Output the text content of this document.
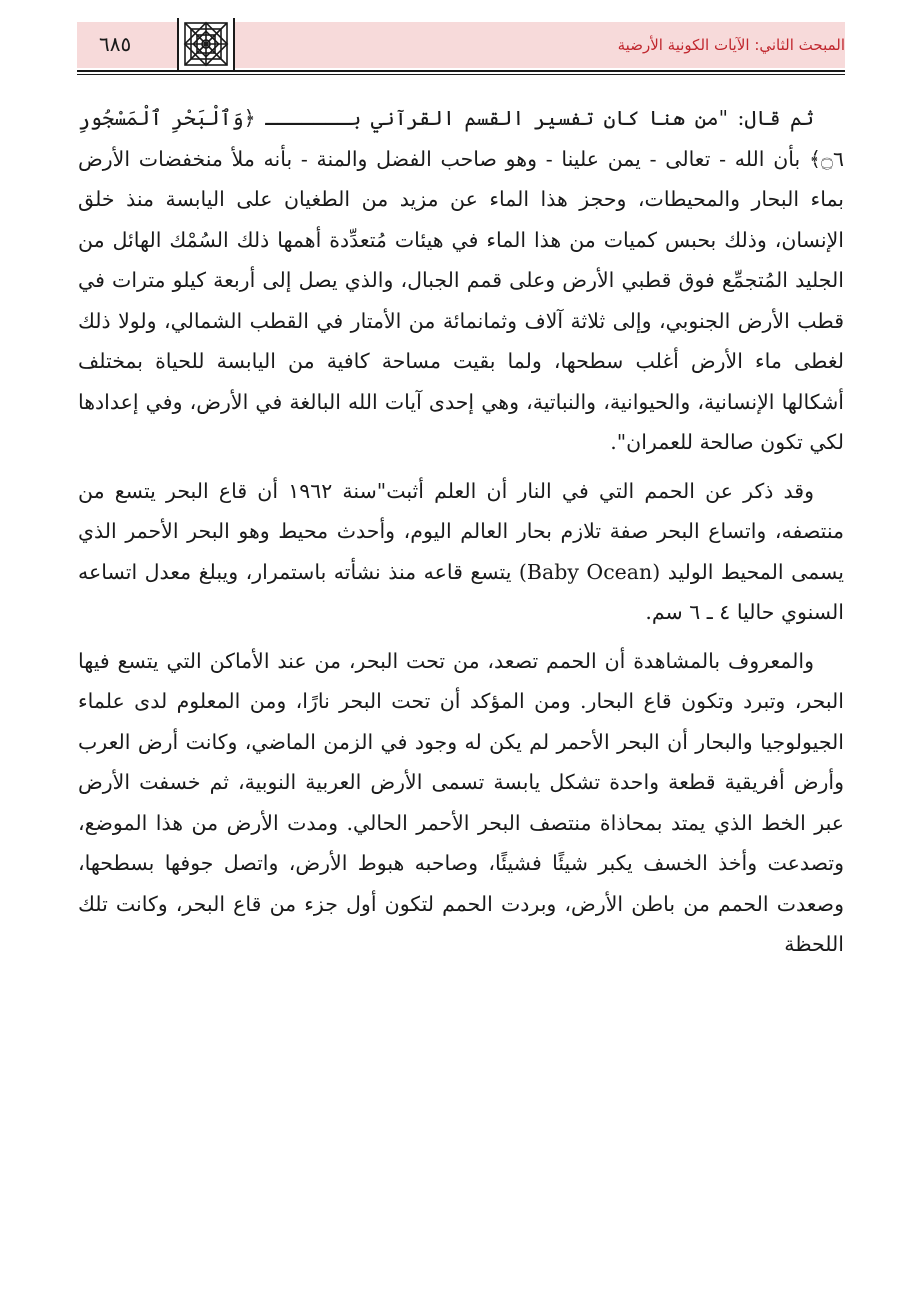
المبحث الثاني: الآيات الكونية الأرضية
٦٨٥

ثم قال: "من هنا كان تفسير القسم القرآني بـــــــ ﴿وَٱلْبَحْرِ ٱلْمَسْجُورِ ۝٦﴾ بأن الله - تعالى - يمن علينا - وهو صاحب الفضل والمنة - بأنه ملأ منخفضات الأرض بماء البحار والمحيطات، وحجز هذا الماء عن مزيد من الطغيان على اليابسة منذ خلق الإنسان، وذلك بحبس كميات من هذا الماء في هيئات مُتعدِّدة أهمها ذلك السُمْك الهائل من الجليد المُتجمِّع فوق قطبي الأرض وعلى قمم الجبال، والذي يصل إلى أربعة كيلو مترات في قطب الأرض الجنوبي، وإلى ثلاثة آلاف وثمانمائة من الأمتار في القطب الشمالي، ولولا ذلك لغطى ماء الأرض أغلب سطحها، ولما بقيت مساحة كافية من اليابسة للحياة بمختلف أشكالها الإنسانية، والحيوانية، والنباتية، وهي إحدى آيات الله البالغة في الأرض، وفي إعدادها لكي تكون صالحة للعمران".

وقد ذكر عن الحمم التي في النار أن العلم أثبت"سنة ١٩٦٢ أن قاع البحر يتسع من منتصفه، واتساع البحر صفة تلازم بحار العالم اليوم، وأحدث محيط وهو البحر الأحمر الذي يسمى المحيط الوليد (Baby Ocean) يتسع قاعه منذ نشأته باستمرار، ويبلغ معدل اتساعه السنوي حاليا ٤ ـ ٦ سم.

والمعروف بالمشاهدة أن الحمم تصعد، من تحت البحر، من عند الأماكن التي يتسع فيها البحر، وتبرد وتكون قاع البحار. ومن المؤكد أن تحت البحر نارًا، ومن المعلوم لدى علماء الجيولوجيا والبحار أن البحر الأحمر لم يكن له وجود في الزمن الماضي، وكانت أرض العرب وأرض أفريقية قطعة واحدة تشكل يابسة تسمى الأرض العربية النوبية، ثم خسفت الأرض عبر الخط الذي يمتد بمحاذاة منتصف البحر الأحمر الحالي. ومدت الأرض من هذا الموضع، وتصدعت وأخذ الخسف يكبر شيئًا فشيئًا، وصاحبه هبوط الأرض، واتصل جوفها بسطحها، وصعدت الحمم من باطن الأرض، وبردت الحمم لتكون أول جزء من قاع البحر، وكانت تلك اللحظة
